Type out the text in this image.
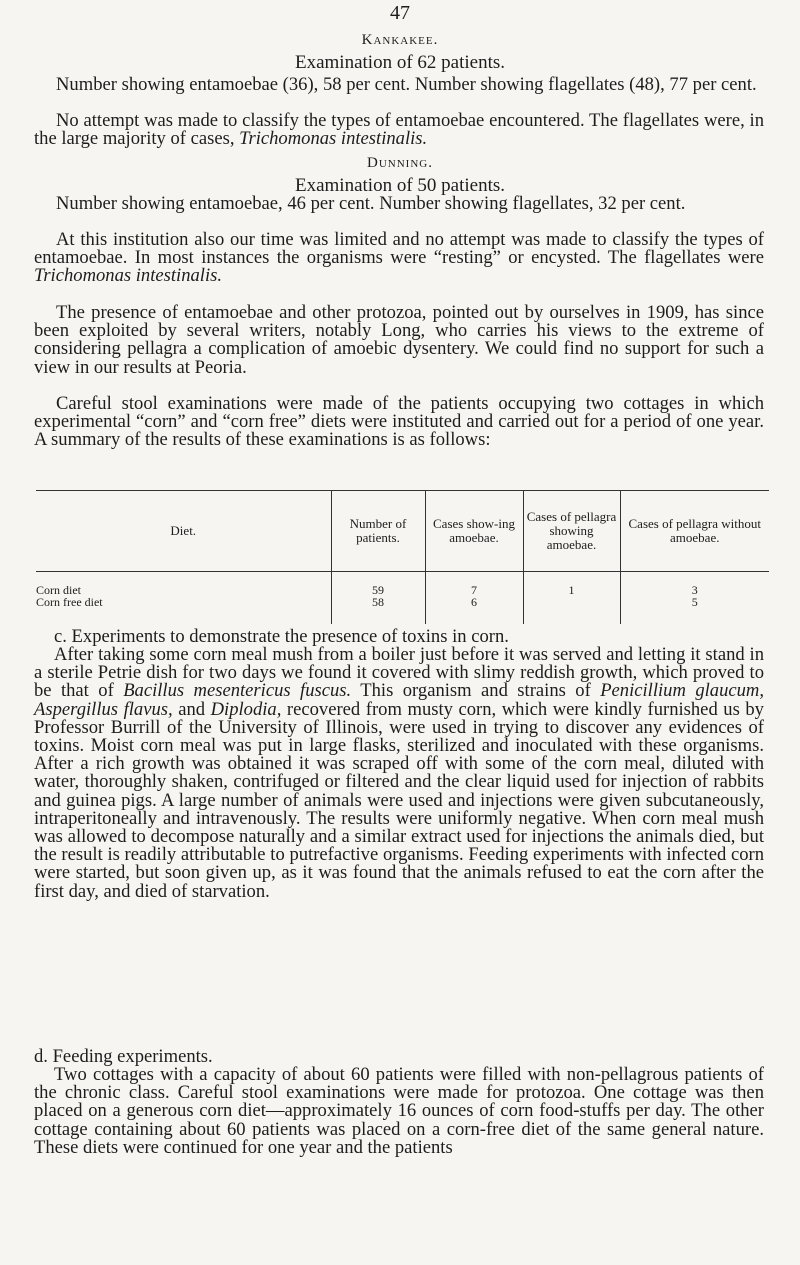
47
Kankakee.
Examination of 62 patients.

Number showing entamoebae (36), 58 per cent. Number showing flagellates (48), 77 per cent.

No attempt was made to classify the types of entamoebae encountered. The flagellates were, in the large majority of cases, Trichomonas intestinalis.

Dunning.
Examination of 50 patients.

Number showing entamoebae, 46 per cent. Number showing flagellates, 32 per cent.

At this institution also our time was limited and no attempt was made to classify the types of entamoebae. In most instances the organisms were “resting” or encysted. The flagellates were Trichomonas intestinalis.

The presence of entamoebae and other protozoa, pointed out by ourselves in 1909, has since been exploited by several writers, notably Long, who carries his views to the extreme of considering pellagra a complication of amoebic dysentery. We could find no support for such a view in our results at Peoria.

Careful stool examinations were made of the patients occupying two cottages in which experimental “corn” and “corn free” diets were instituted and carried out for a period of one year. A summary of the results of these examinations is as follows:

Diet.	Number of patients.	Cases show-ing amoebae.	Cases of pellagra showing amoebae.	Cases of pellagra without amoebae.
Corn diet	59	7	1	3
Corn free diet	58	6		5

c. Experiments to demonstrate the presence of toxins in corn.

After taking some corn meal mush from a boiler just before it was served and letting it stand in a sterile Petrie dish for two days we found it covered with slimy reddish growth, which proved to be that of Bacillus mesentericus fuscus. This organism and strains of Penicillium glaucum, Aspergillus flavus, and Diplodia, recovered from musty corn, which were kindly furnished us by Professor Burrill of the University of Illinois, were used in trying to discover any evidences of toxins. Moist corn meal was put in large flasks, sterilized and inoculated with these organisms. After a rich growth was obtained it was scraped off with some of the corn meal, diluted with water, thoroughly shaken, contrifuged or filtered and the clear liquid used for injection of rabbits and guinea pigs. A large number of animals were used and injections were given subcutaneously, intraperitoneally and intravenously. The results were uniformly negative. When corn meal mush was allowed to decompose naturally and a similar extract used for injections the animals died, but the result is readily attributable to putrefactive organisms. Feeding experiments with infected corn were started, but soon given up, as it was found that the animals refused to eat the corn after the first day, and died of starvation.

d. Feeding experiments.

Two cottages with a capacity of about 60 patients were filled with non-pellagrous patients of the chronic class. Careful stool examinations were made for protozoa. One cottage was then placed on a generous corn diet—approximately 16 ounces of corn food-stuffs per day. The other cottage containing about 60 patients was placed on a corn-free diet of the same general nature. These diets were continued for one year and the patients
